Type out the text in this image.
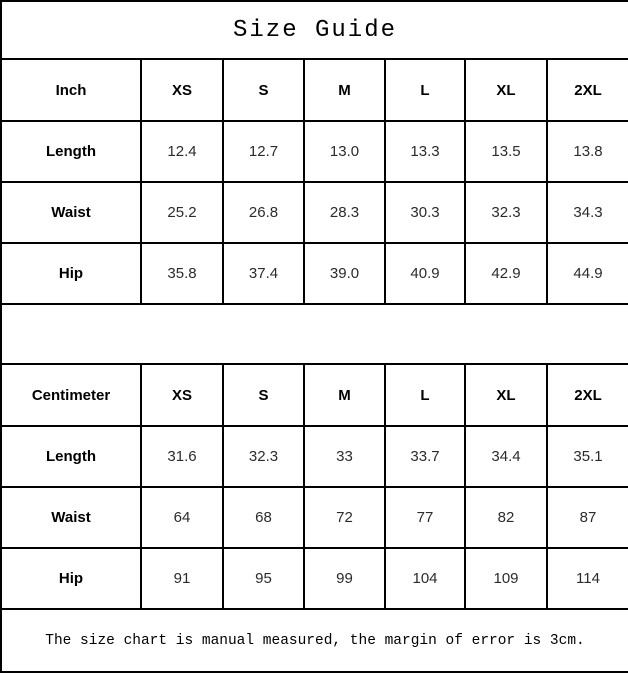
Size Guide						
Inch	XS	S	M	L	XL	2XL
Length	12.4	12.7	13.0	13.3	13.5	13.8
Waist	25.2	26.8	28.3	30.3	32.3	34.3
Hip	35.8	37.4	39.0	40.9	42.9	44.9

Centimeter	XS	S	M	L	XL	2XL
Length	31.6	32.3	33	33.7	34.4	35.1
Waist	64	68	72	77	82	87
Hip	91	95	99	104	109	114
The size chart is manual measured, the margin of error is 3cm.						
